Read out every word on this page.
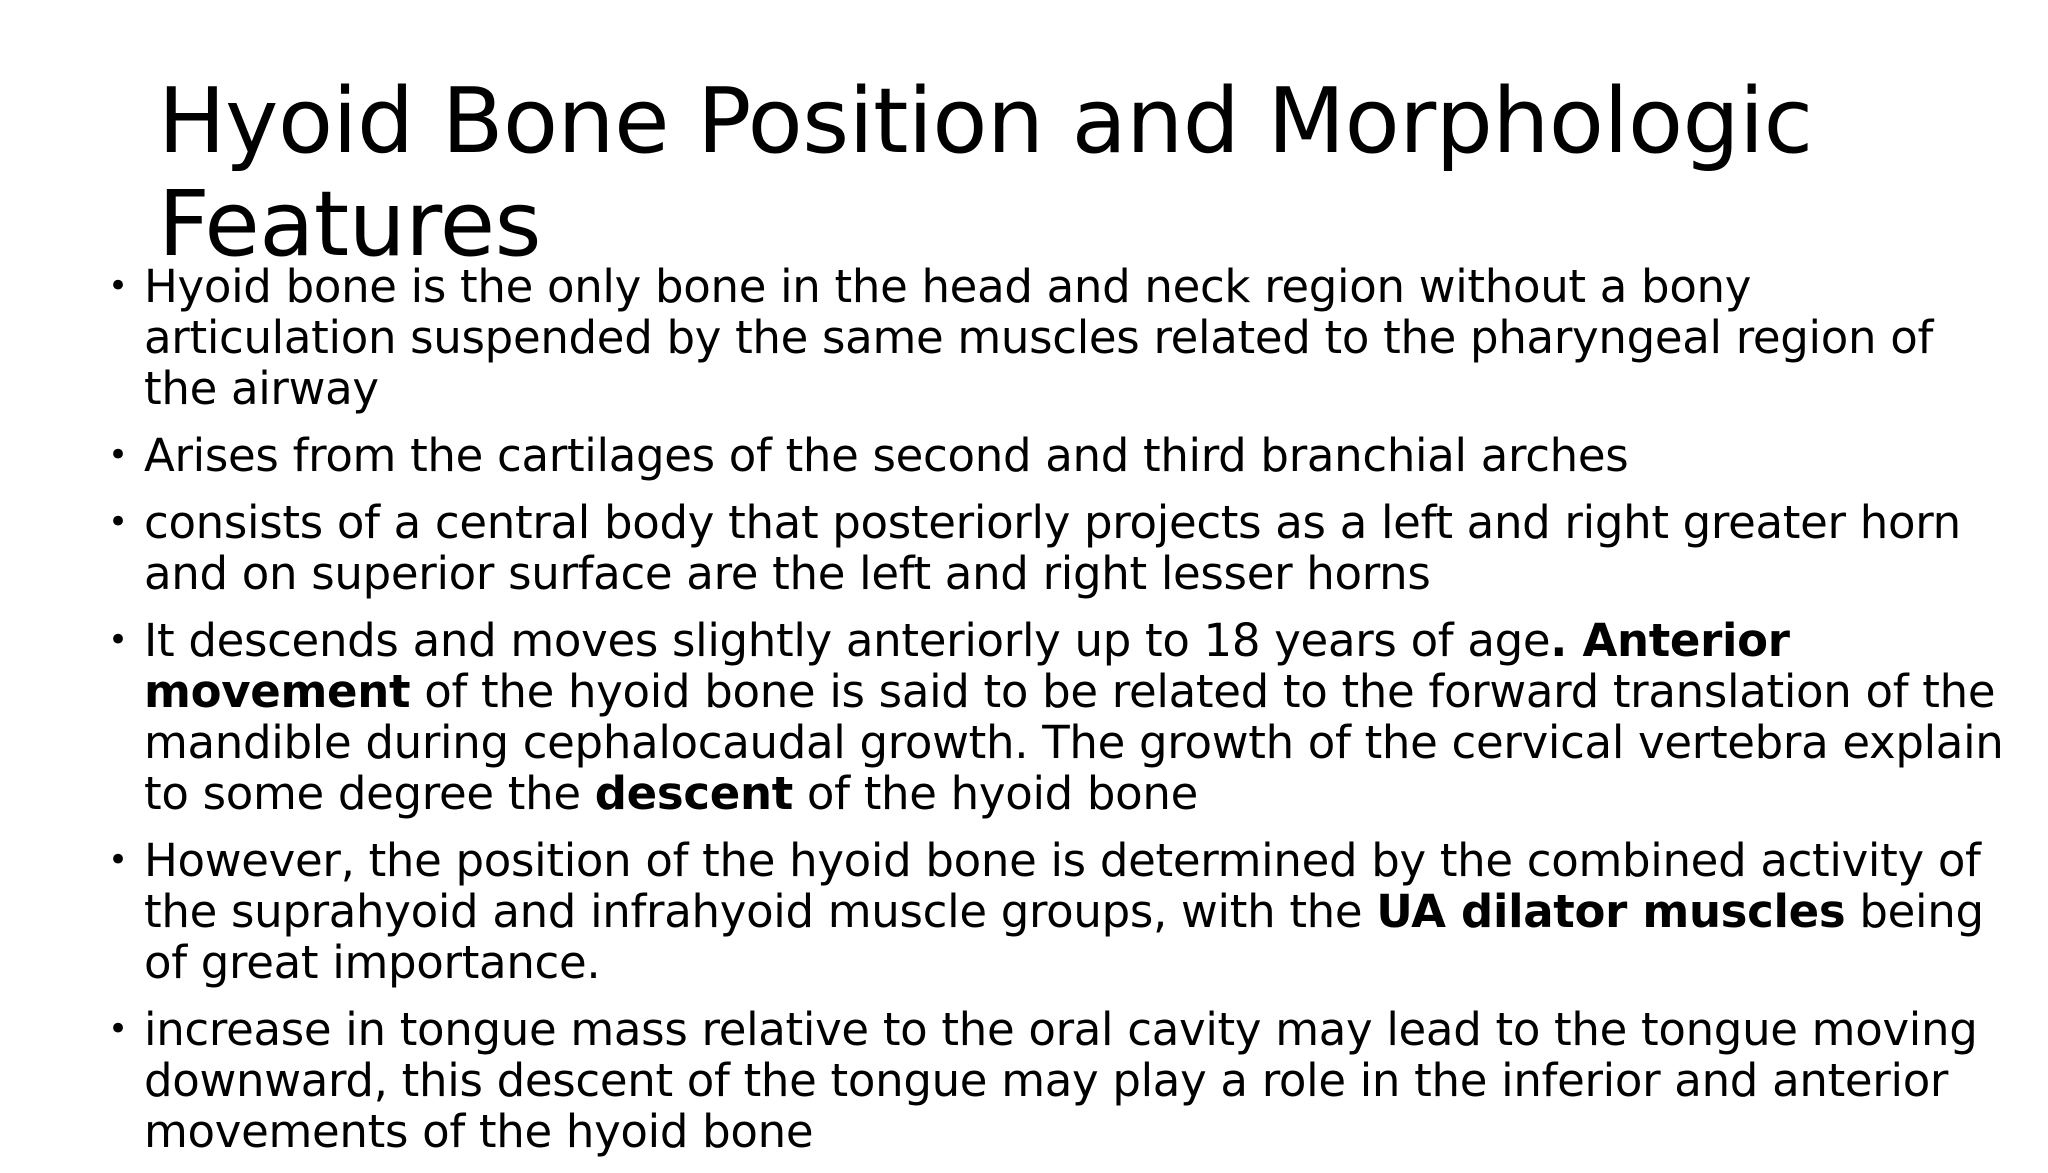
Hyoid Bone Position and Morphologic Features
• Hyoid bone is the only bone in the head and neck region without a bony articulation suspended by the same muscles related to the pharyngeal region of the airway
• Arises from the cartilages of the second and third branchial arches
• consists of a central body that posteriorly projects as a left and right greater horn and on superior surface are the left and right lesser horns
• It descends and moves slightly anteriorly up to 18 years of age. Anterior movement of the hyoid bone is said to be related to the forward translation of the mandible during cephalocaudal growth. The growth of the cervical vertebra explain to some degree the descent of the hyoid bone
• However, the position of the hyoid bone is determined by the combined activity of the suprahyoid and infrahyoid muscle groups, with the UA dilator muscles being of great importance.
• increase in tongue mass relative to the oral cavity may lead to the tongue moving downward, this descent of the tongue may play a role in the inferior and anterior movements of the hyoid bone
